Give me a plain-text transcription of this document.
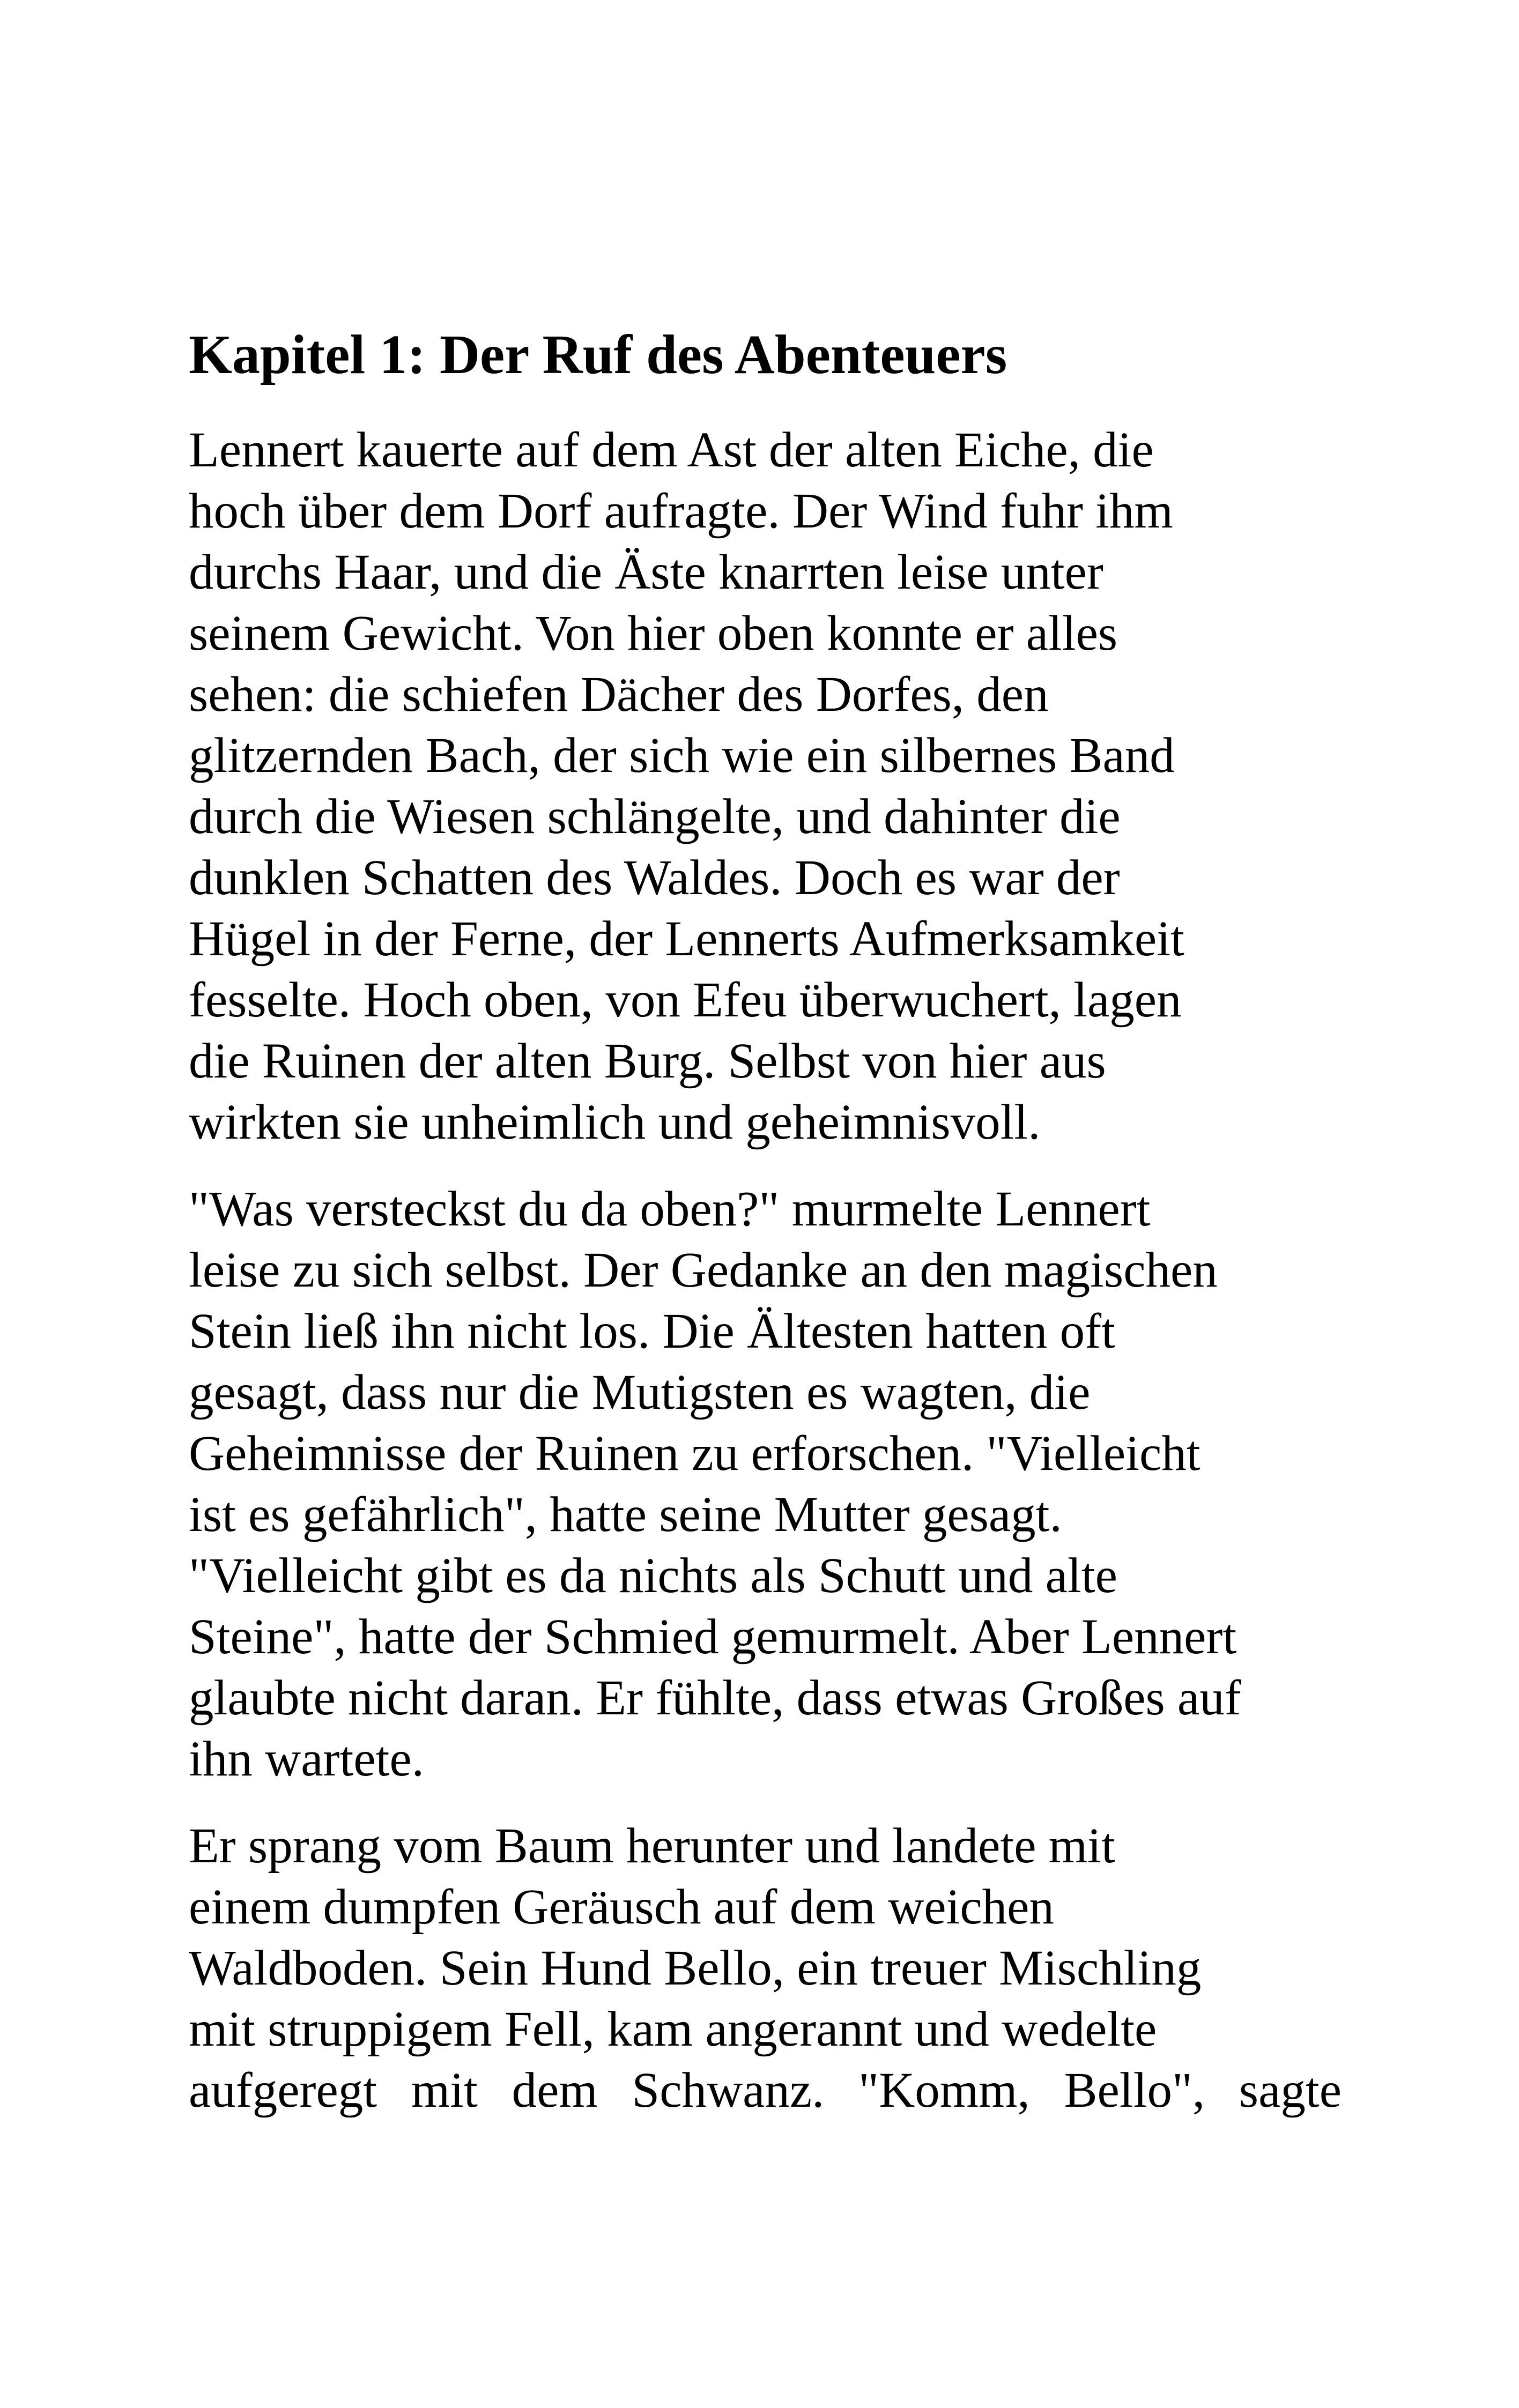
Kapitel 1: Der Ruf des Abenteuers

Lennert kauerte auf dem Ast der alten Eiche, die
hoch über dem Dorf aufragte. Der Wind fuhr ihm
durchs Haar, und die Äste knarrten leise unter
seinem Gewicht. Von hier oben konnte er alles
sehen: die schiefen Dächer des Dorfes, den
glitzernden Bach, der sich wie ein silbernes Band
durch die Wiesen schlängelte, und dahinter die
dunklen Schatten des Waldes. Doch es war der
Hügel in der Ferne, der Lennerts Aufmerksamkeit
fesselte. Hoch oben, von Efeu überwuchert, lagen
die Ruinen der alten Burg. Selbst von hier aus
wirkten sie unheimlich und geheimnisvoll.

"Was versteckst du da oben?" murmelte Lennert
leise zu sich selbst. Der Gedanke an den magischen
Stein ließ ihn nicht los. Die Ältesten hatten oft
gesagt, dass nur die Mutigsten es wagten, die
Geheimnisse der Ruinen zu erforschen. "Vielleicht
ist es gefährlich", hatte seine Mutter gesagt.
"Vielleicht gibt es da nichts als Schutt und alte
Steine", hatte der Schmied gemurmelt. Aber Lennert
glaubte nicht daran. Er fühlte, dass etwas Großes auf
ihn wartete.

Er sprang vom Baum herunter und landete mit
einem dumpfen Geräusch auf dem weichen
Waldboden. Sein Hund Bello, ein treuer Mischling
mit struppigem Fell, kam angerannt und wedelte
aufgeregt mit dem Schwanz. "Komm, Bello", sagte
